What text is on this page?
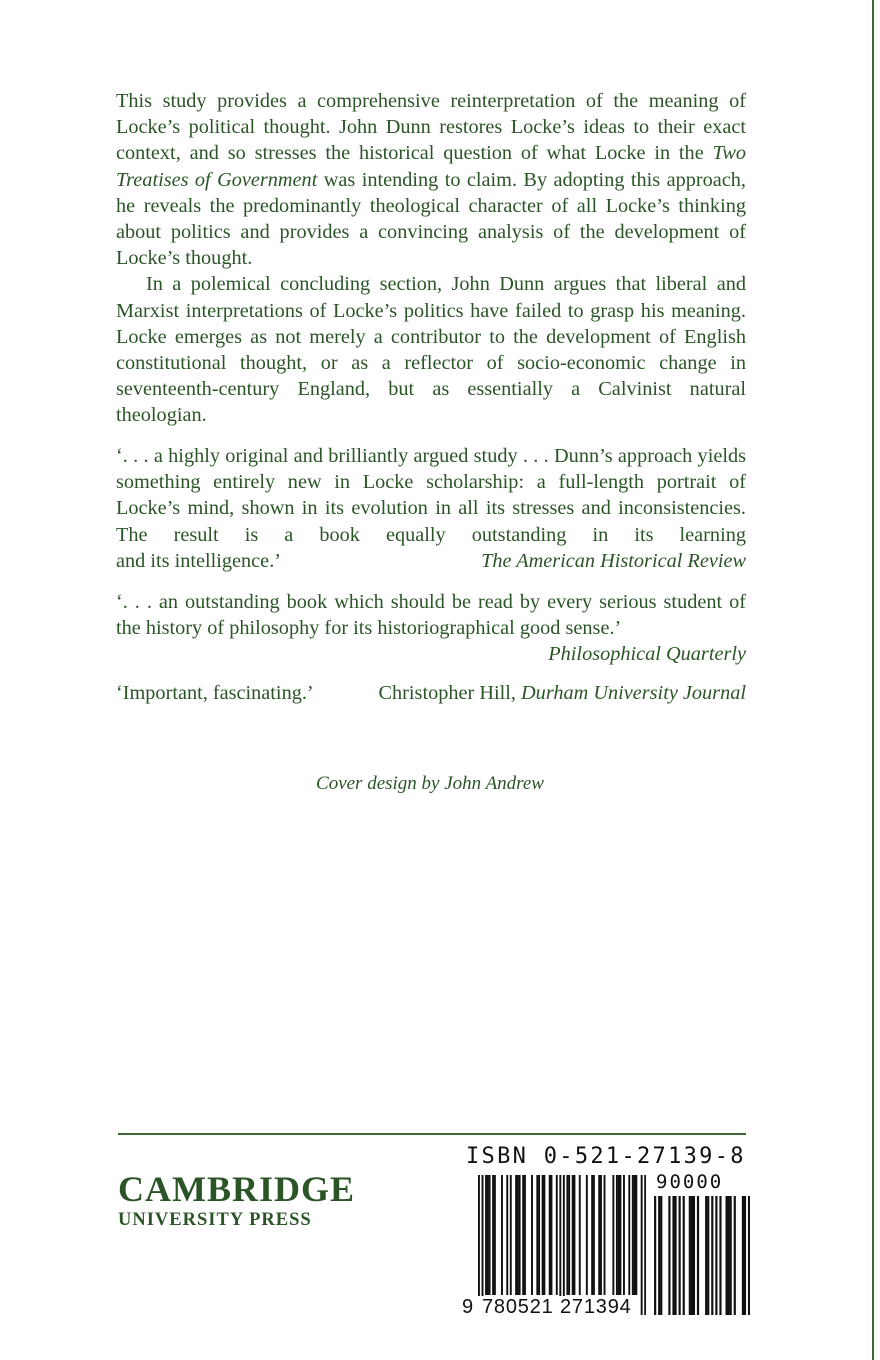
This study provides a comprehensive reinterpretation of the meaning of Locke’s political thought. John Dunn restores Locke’s ideas to their exact context, and so stresses the historical question of what Locke in the Two Treatises of Government was intending to claim. By adopting this approach, he reveals the predominantly theological character of all Locke’s thinking about politics and provides a convincing analysis of the development of Locke’s thought.

In a polemical concluding section, John Dunn argues that liberal and Marxist interpretations of Locke’s politics have failed to grasp his meaning. Locke emerges as not merely a contributor to the development of English constitutional thought, or as a reflector of socio-economic change in seventeenth-century England, but as essentially a Calvinist natural theologian.

‘. . . a highly original and brilliantly argued study . . . Dunn’s approach yields something entirely new in Locke scholarship: a full-length portrait of Locke’s mind, shown in its evolution in all its stresses and inconsistencies. The result is a book equally outstanding in its learning
and its intelligence.’	The American Historical Review
‘. . . an outstanding book which should be read by every serious student of the history of philosophy for its historiographical good sense.’
Philosophical Quarterly
‘Important, fascinating.’	Christopher Hill, Durham University Journal
Cover design by John Andrew
CAMBRIDGE
UNIVERSITY PRESS
ISBN 0-521-27139-8
90000
9 780521 271394
